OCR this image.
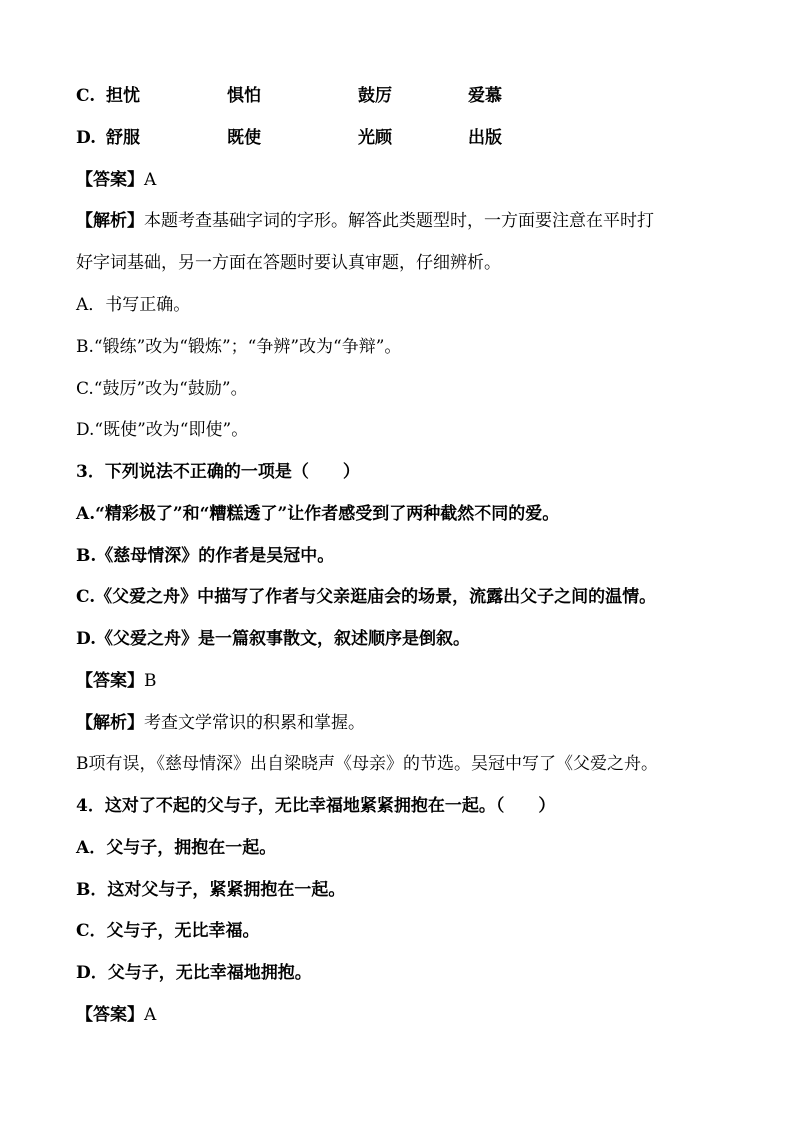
C. 担忧	惧怕	鼓厉	爱慕
D. 舒服	既使	光顾	出版
【答案】A
【解析】本题考查基础字词的字形。解答此类题型时，一方面要注意在平时打
好字词基础，另一方面在答题时要认真审题，仔细辨析。
A．书写正确。
B.“锻练”改为“锻炼”；“争辨”改为“争辩”。
C.“鼓厉”改为“鼓励”。
D.“既使”改为“即使”。
3．下列说法不正确的一项是（　　）
A.“精彩极了”和“糟糕透了”让作者感受到了两种截然不同的爱。
B.《慈母情深》的作者是吴冠中。
C.《父爱之舟》中描写了作者与父亲逛庙会的场景，流露出父子之间的温情。
D.《父爱之舟》是一篇叙事散文，叙述顺序是倒叙。
【答案】B
【解析】考查文学常识的积累和掌握。
B项有误，《慈母情深》出自梁晓声《母亲》的节选。吴冠中写了《父爱之舟。
4．这对了不起的父与子，无比幸福地紧紧拥抱在一起。（　　）
A．父与子，拥抱在一起。
B．这对父与子，紧紧拥抱在一起。
C．父与子，无比幸福。
D．父与子，无比幸福地拥抱。
【答案】A
